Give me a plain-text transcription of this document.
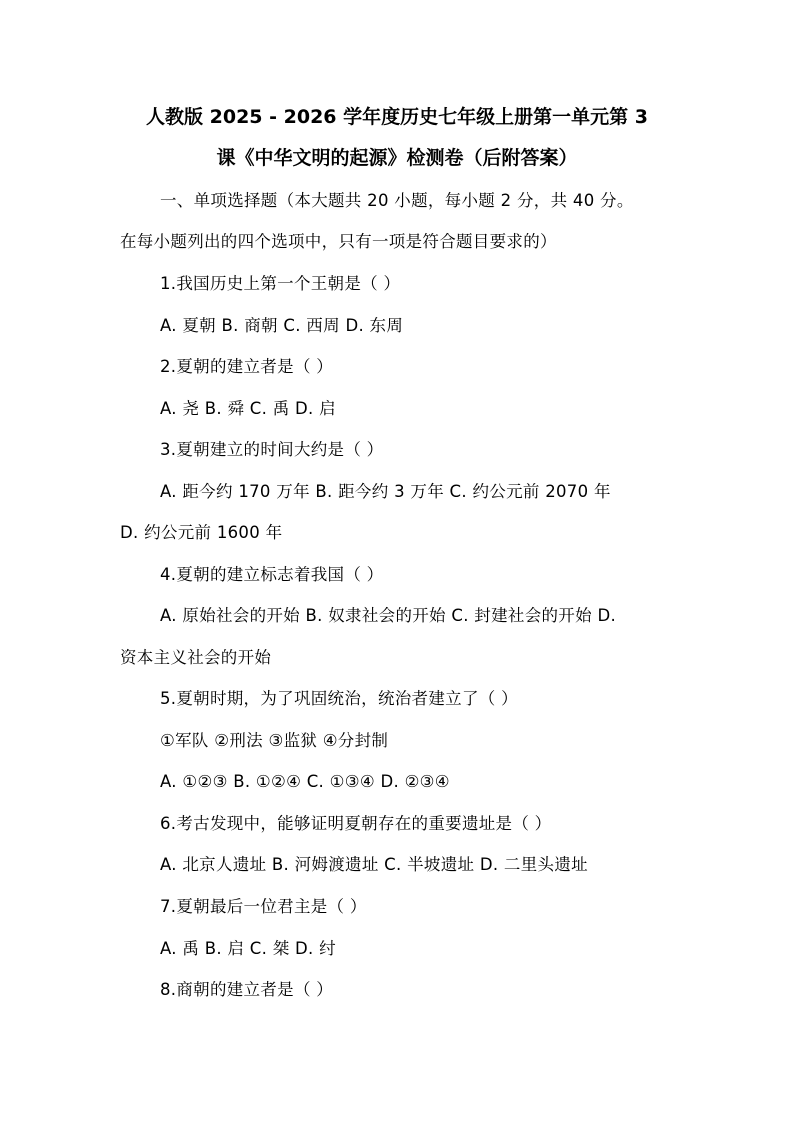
人教版 2025 - 2026 学年度历史七年级上册第一单元第 3
课《中华文明的起源》检测卷（后附答案）
一、单项选择题（本大题共 20 小题，每小题 2 分，共 40 分。
在每小题列出的四个选项中，只有一项是符合题目要求的）
1.我国历史上第一个王朝是（ ）
A. 夏朝 B. 商朝 C. 西周 D. 东周
2.夏朝的建立者是（ ）
A. 尧 B. 舜 C. 禹 D. 启
3.夏朝建立的时间大约是（ ）
A. 距今约 170 万年 B. 距今约 3 万年 C. 约公元前 2070 年
D. 约公元前 1600 年
4.夏朝的建立标志着我国（ ）
A. 原始社会的开始 B. 奴隶社会的开始 C. 封建社会的开始 D.
资本主义社会的开始
5.夏朝时期，为了巩固统治，统治者建立了（ ）
①军队 ②刑法 ③监狱 ④分封制
A. ①②③ B. ①②④ C. ①③④ D. ②③④
6.考古发现中，能够证明夏朝存在的重要遗址是（ ）
A. 北京人遗址 B. 河姆渡遗址 C. 半坡遗址 D. 二里头遗址
7.夏朝最后一位君主是（ ）
A. 禹 B. 启 C. 桀 D. 纣
8.商朝的建立者是（ ）
